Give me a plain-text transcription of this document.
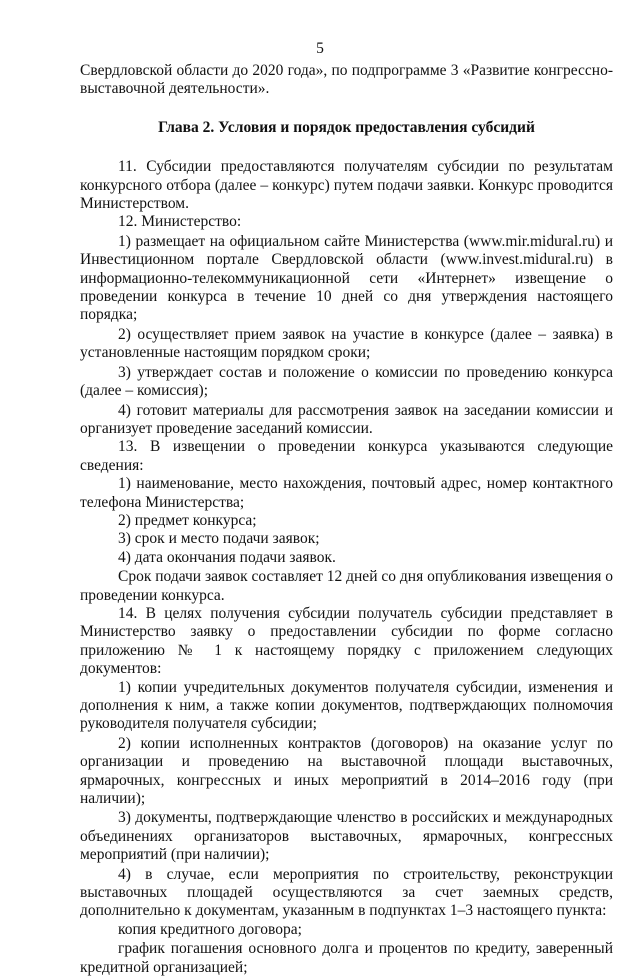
5

Свердловской области до 2020 года», по подпрограмме 3 «Развитие конгрессно-выставочной деятельности».

Глава 2. Условия и порядок предоставления субсидий

11. Субсидии предоставляются получателям субсидии по результатам конкурсного отбора (далее – конкурс) путем подачи заявки. Конкурс проводится Министерством.

12. Министерство:

1) размещает на официальном сайте Министерства (www.mir.midural.ru) и Инвестиционном портале Свердловской области (www.invest.midural.ru) в информационно-телекоммуникационной сети «Интернет» извещение о проведении конкурса в течение 10 дней со дня утверждения настоящего порядка;

2) осуществляет прием заявок на участие в конкурсе (далее – заявка) в установленные настоящим порядком сроки;

3) утверждает состав и положение о комиссии по проведению конкурса (далее – комиссия);

4) готовит материалы для рассмотрения заявок на заседании комиссии и организует проведение заседаний комиссии.

13. В извещении о проведении конкурса указываются следующие сведения:

1) наименование, место нахождения, почтовый адрес, номер контактного телефона Министерства;

2) предмет конкурса;

3) срок и место подачи заявок;

4) дата окончания подачи заявок.

Срок подачи заявок составляет 12 дней со дня опубликования извещения о проведении конкурса.

14. В целях получения субсидии получатель субсидии представляет в Министерство заявку о предоставлении субсидии по форме согласно приложению № 1 к настоящему порядку с приложением следующих документов:

1) копии учредительных документов получателя субсидии, изменения и дополнения к ним, а также копии документов, подтверждающих полномочия руководителя получателя субсидии;

2) копии исполненных контрактов (договоров) на оказание услуг по организации и проведению на выставочной площади выставочных, ярмарочных, конгрессных и иных мероприятий в 2014–2016 году (при наличии);

3) документы, подтверждающие членство в российских и международных объединениях организаторов выставочных, ярмарочных, конгрессных мероприятий (при наличии);

4) в случае, если мероприятия по строительству, реконструкции выставочных площадей осуществляются за счет заемных средств, дополнительно к документам, указанным в подпунктах 1–3 настоящего пункта:

копия кредитного договора;

график погашения основного долга и процентов по кредиту, заверенный кредитной организацией;
